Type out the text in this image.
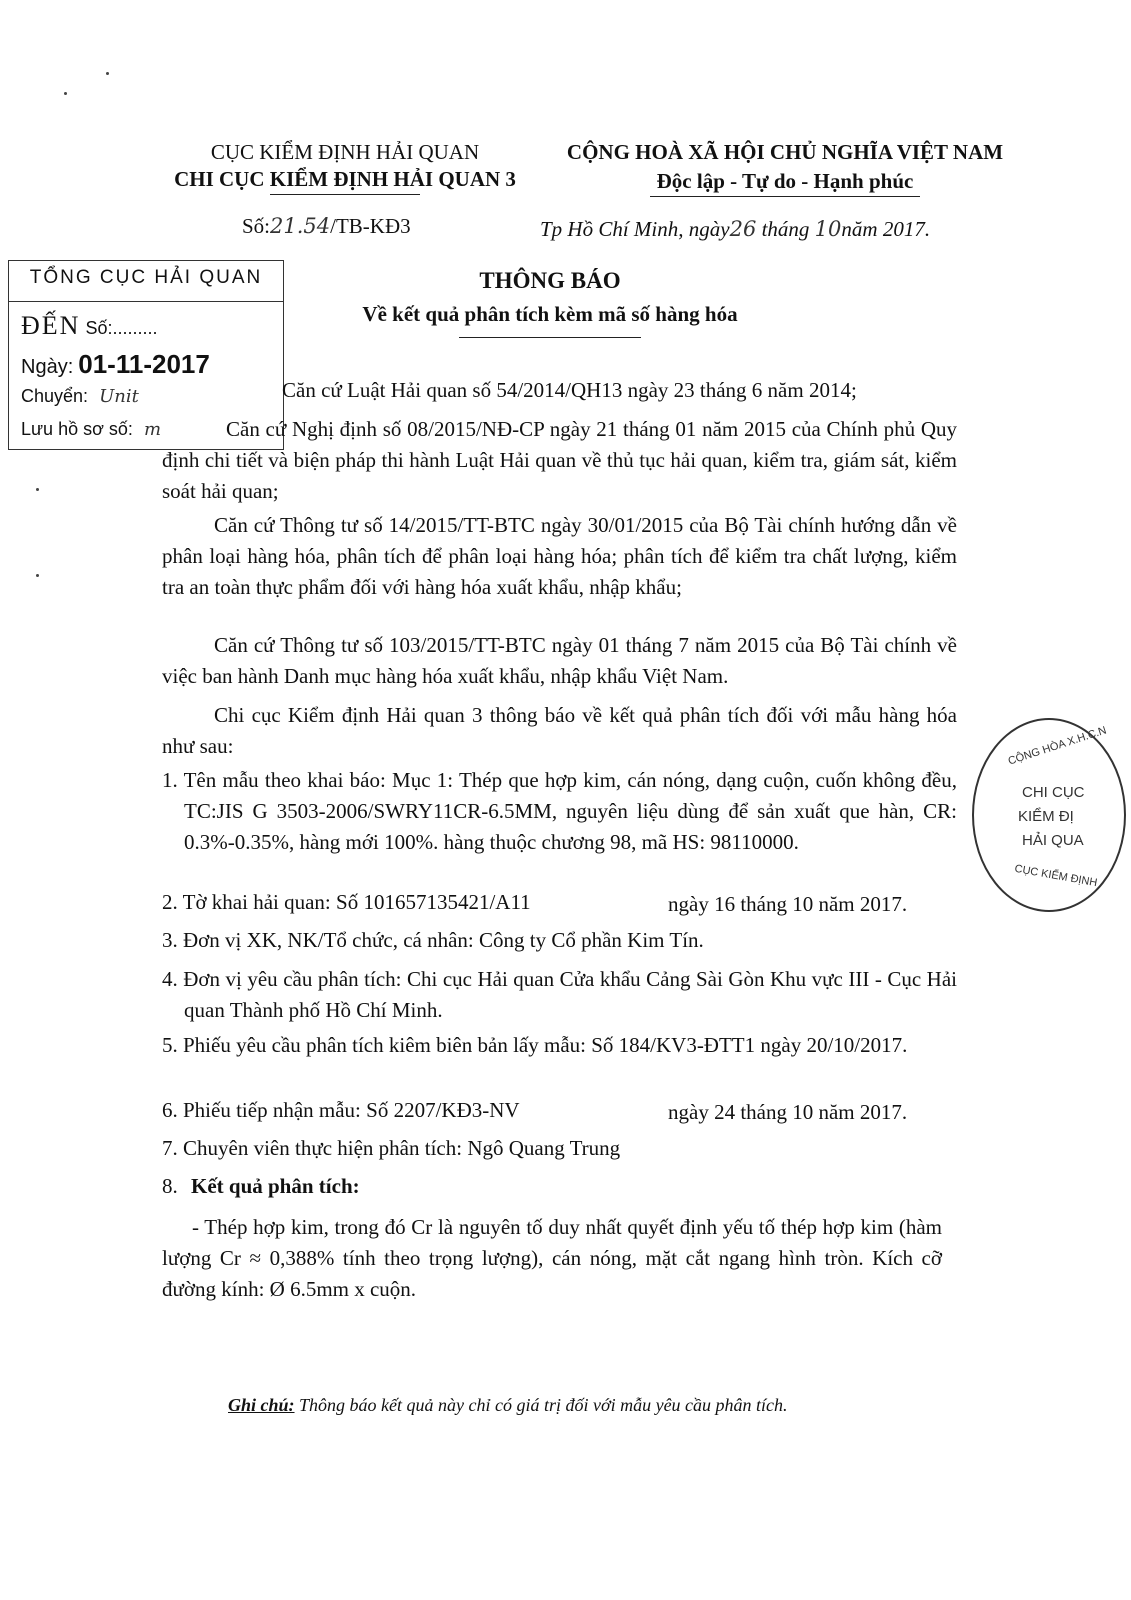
CỤC KIỂM ĐỊNH HẢI QUAN
CHI CỤC KIỂM ĐỊNH HẢI QUAN 3
CỘNG HOÀ XÃ HỘI CHỦ NGHĨA VIỆT NAM
Độc lập - Tự do - Hạnh phúc
Số:21.54/TB-KĐ3	Tp Hồ Chí Minh, ngày26 tháng 10năm 2017.
TỔNG CỤC HẢI QUAN
ĐẾN Số:.........
Ngày: 01-11-2017
Chuyển: Unit
Lưu hồ sơ số: m
THÔNG BÁO
Về kết quả phân tích kèm mã số hàng hóa
Căn cứ Luật Hải quan số 54/2014/QH13 ngày 23 tháng 6 năm 2014;
Căn cứ Nghị định số 08/2015/NĐ-CP ngày 21 tháng 01 năm 2015 của Chính phủ Quy định chi tiết và biện pháp thi hành Luật Hải quan về thủ tục hải quan, kiểm tra, giám sát, kiểm soát hải quan;
Căn cứ Thông tư số 14/2015/TT-BTC ngày 30/01/2015 của Bộ Tài chính hướng dẫn về phân loại hàng hóa, phân tích để phân loại hàng hóa; phân tích để kiểm tra chất lượng, kiểm tra an toàn thực phẩm đối với hàng hóa xuất khẩu, nhập khẩu;
Căn cứ Thông tư số 103/2015/TT-BTC ngày 01 tháng 7 năm 2015 của Bộ Tài chính về việc ban hành Danh mục hàng hóa xuất khẩu, nhập khẩu Việt Nam.
Chi cục Kiểm định Hải quan 3 thông báo về kết quả phân tích đối với mẫu hàng hóa như sau:
1. Tên mẫu theo khai báo: Mục 1: Thép que hợp kim, cán nóng, dạng cuộn, cuốn không đều, TC:JIS G 3503-2006/SWRY11CR-6.5MM, nguyên liệu dùng để sản xuất que hàn, CR: 0.3%-0.35%, hàng mới 100%. hàng thuộc chương 98, mã HS: 98110000.
2. Tờ khai hải quan: Số 101657135421/A11	ngày 16 tháng 10 năm 2017.
3. Đơn vị XK, NK/Tổ chức, cá nhân: Công ty Cổ phần Kim Tín.
4. Đơn vị yêu cầu phân tích: Chi cục Hải quan Cửa khẩu Cảng Sài Gòn Khu vực III - Cục Hải quan Thành phố Hồ Chí Minh.
5. Phiếu yêu cầu phân tích kiêm biên bản lấy mẫu: Số 184/KV3-ĐTT1 ngày 20/10/2017.
6. Phiếu tiếp nhận mẫu: Số 2207/KĐ3-NV	ngày 24 tháng 10 năm 2017.
7. Chuyên viên thực hiện phân tích: Ngô Quang Trung
8. Kết quả phân tích:
- Thép hợp kim, trong đó Cr là nguyên tố duy nhất quyết định yếu tố thép hợp kim (hàm lượng Cr ≈ 0,388% tính theo trọng lượng), cán nóng, mặt cắt ngang hình tròn. Kích cỡ đường kính: Ø 6.5mm x cuộn.
Ghi chú: Thông báo kết quả này chỉ có giá trị đối với mẫu yêu cầu phân tích.
CỘNG HÒA X.H.C.N
CHI CỤC
KIỂM ĐỊ
HẢI QUA
CỤC KIỂM ĐỊNH
